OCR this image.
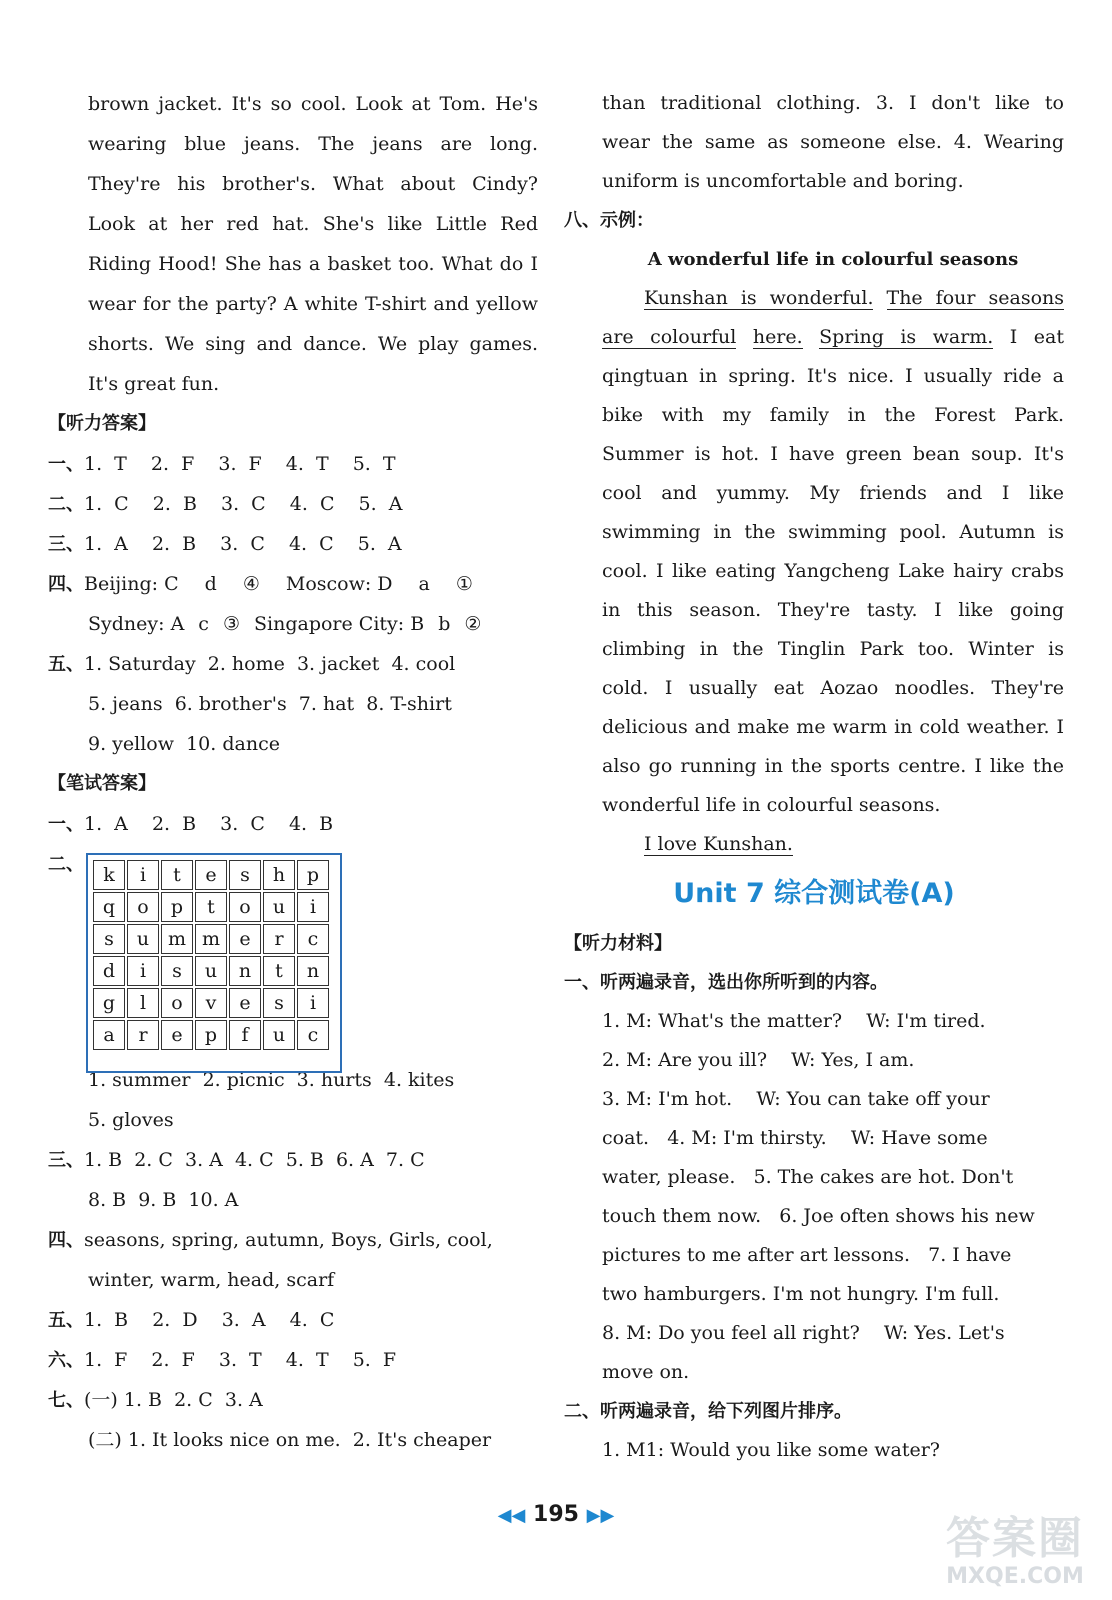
brown jacket. It's so cool. Look at Tom. He's
wearing blue jeans. The jeans are long.
They're his brother's. What about Cindy?
Look at her red hat. She's like Little Red
Riding Hood! She has a basket too. What do I
wear for the party? A white T-shirt and yellow
shorts. We sing and dance. We play games.
It's great fun.
【听力答案】
一、1. T  2. F  3. F  4. T  5. T
二、1. C  2. B  3. C  4. C  5. A
三、1. A  2. B  3. C  4. C  5. A
四、Beijing: C d ④ Moscow: D a ①
Sydney: A c ③ Singapore City: B b ②
五、1. Saturday  2. home  3. jacket  4. cool
5. jeans  6. brother's  7. hat  8. T-shirt
9. yellow  10. dance
【笔试答案】
一、1. A  2. B  3. C  4. B
二、
1. summer  2. picnic  3. hurts  4. kites
5. gloves
三、1. B  2. C  3. A  4. C  5. B  6. A  7. C
8. B  9. B  10. A
四、seasons, spring, autumn, Boys, Girls, cool,
winter, warm, head, scarf
五、1. B  2. D  3. A  4. C
六、1. F  2. F  3. T  4. T  5. F
七、(一) 1. B  2. C  3. A
(二) 1. It looks nice on me.  2. It's cheaper
k	i	t	e	s	h	p
q	o	p	t	o	u	i
s	u m m	e	r	c
d	i	s	u	n	t	n
g	l	o	v	e	s	i
a	r	e	p	f	u	c
than traditional clothing. 3. I don't like to
wear the same as someone else. 4. Wearing
uniform is uncomfortable and boring.
八、示例：
A wonderful life in colourful seasons
Kunshan is wonderful. The four seasons
are colourful here. Spring is warm. I eat
qingtuan in spring. It's nice. I usually ride a
bike with my family in the Forest Park.
Summer is hot. I have green bean soup. It's
cool and yummy. My friends and I like
swimming in the swimming pool. Autumn is
cool. I like eating Yangcheng Lake hairy crabs
in this season. They're tasty. I like going
climbing in the Tinglin Park too. Winter is
cold. I usually eat Aozao noodles. They're
delicious and make me warm in cold weather. I
also go running in the sports centre. I like the
wonderful life in colourful seasons.
I love Kunshan.
Unit 7 综合测试卷(A)
【听力材料】
一、听两遍录音，选出你所听到的内容。
1. M: What's the matter?    W: I'm tired.
2. M: Are you ill?    W: Yes, I am.
3. M: I'm hot.    W: You can take off your
coat.   4. M: I'm thirsty.    W: Have some
water, please.   5. The cakes are hot. Don't
touch them now.   6. Joe often shows his new
pictures to me after art lessons.   7. I have
two hamburgers. I'm not hungry. I'm full.
8. M: Do you feel all right?    W: Yes. Let's
move on.
二、听两遍录音，给下列图片排序。
1. M1: Would you like some water?
◀◀ 195 ▶▶	答案圈
MXQE.COM
